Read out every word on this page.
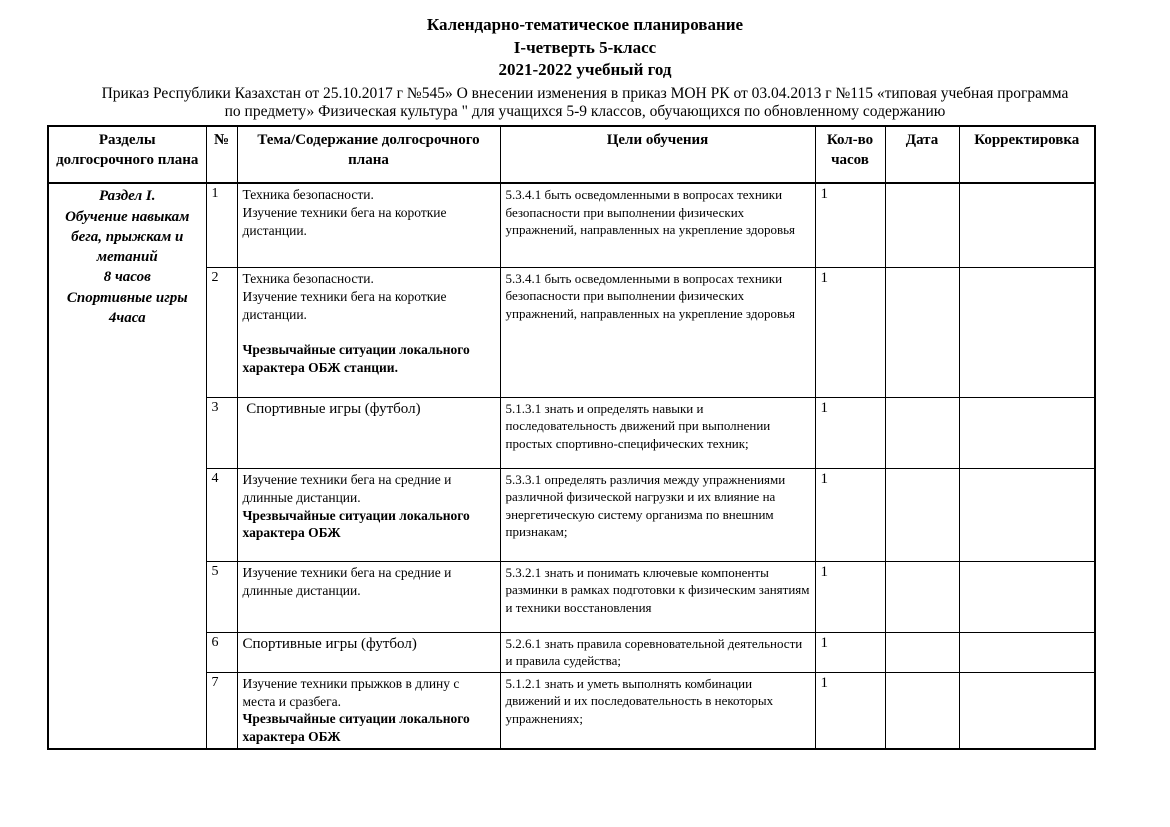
Календарно-тематическое планирование
I-четверть 5-класс
2021-2022 учебный год
Приказ Республики Казахстан от 25.10.2017 г №545» О внесении изменения в приказ МОН РК от 03.04.2013 г №115 «типовая учебная программа по предмету» Физическая культура " для учащихся 5-9 классов, обучающихся по обновленному содержанию
Разделы долгосрочного плана	№	Тема/Содержание долгосрочного плана	Цели обучения	Кол-во часов	Дата	Корректировка

Раздел I.
Обучение навыкам бега, прыжкам и метаний
8 часов
Спортивные игры
4часа
	1	Техника безопасности.
Изучение техники бега на короткие дистанции.
	5.3.4.1 быть осведомленными в вопросах техники безопасности при выполнении физических упражнений, направленных на укрепление здоровья	1		
	2	Техника безопасности.
Изучение техники бега на короткие дистанции.

Чрезвычайные ситуации локального характера ОБЖ станции.	5.3.4.1 быть осведомленными в вопросах техники безопасности при выполнении физических упражнений, направленных на укрепление здоровья	1		
	3	Спортивные игры (футбол)	5.1.3.1 знать и определять навыки и последовательность движений при выполнении простых спортивно-специфических техник;	1		
	4	Изучение техники бега на средние и длинные дистанции.
Чрезвычайные ситуации локального характера ОБЖ	5.3.3.1 определять различия между упражнениями различной физической нагрузки и их влияние на энергетическую систему организма по внешним признакам;	1		
	5	Изучение техники бега на средние и длинные дистанции.	5.3.2.1 знать и понимать ключевые компоненты разминки в рамках подготовки к физическим занятиям и техники восстановления	1		
	6	Спортивные игры (футбол)	5.2.6.1 знать правила соревновательной деятельности и правила судейства;	1		
	7	Изучение техники прыжков в длину с места и сразбега.
Чрезвычайные ситуации локального характера ОБЖ	5.1.2.1 знать и уметь выполнять комбинации движений и их последовательность в некоторых упражнениях;	1		
